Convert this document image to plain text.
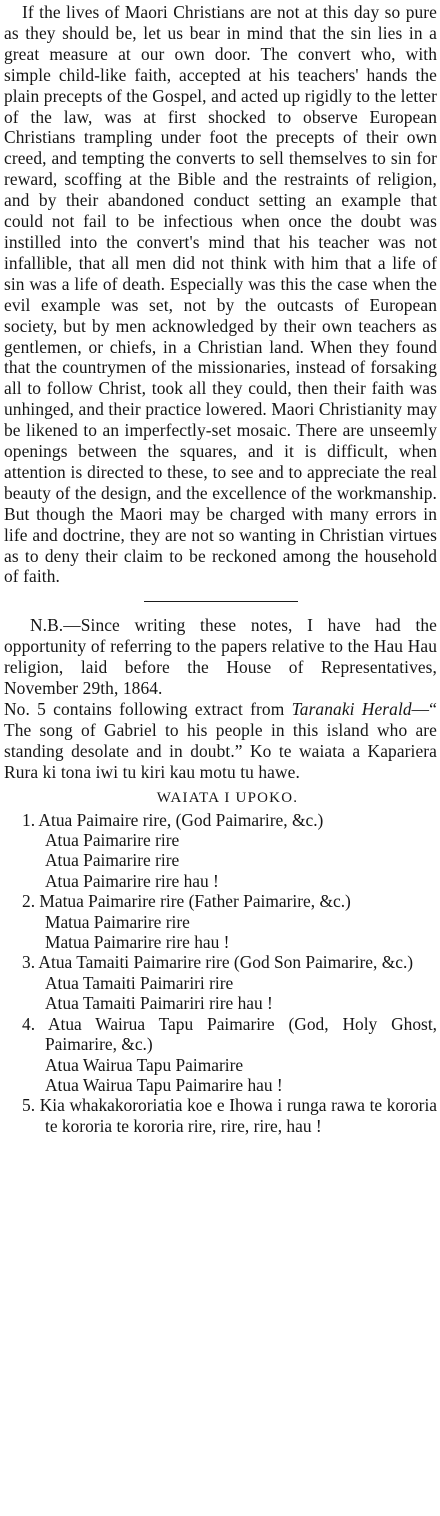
If the lives of Maori Christians are not at this day so pure as they should be, let us bear in mind that the sin lies in a great measure at our own door. The convert who, with simple child-like faith, accepted at his teachers' hands the plain precepts of the Gospel, and acted up rigidly to the letter of the law, was at first shocked to observe European Christians trampling under foot the precepts of their own creed, and tempting the converts to sell themselves to sin for reward, scoffing at the Bible and the restraints of religion, and by their abandoned conduct setting an example that could not fail to be infectious when once the doubt was instilled into the convert's mind that his teacher was not infallible, that all men did not think with him that a life of sin was a life of death. Especially was this the case when the evil example was set, not by the outcasts of European society, but by men acknowledged by their own teachers as gentlemen, or chiefs, in a Christian land. When they found that the countrymen of the missionaries, instead of forsaking all to follow Christ, took all they could, then their faith was unhinged, and their practice lowered. Maori Christianity may be likened to an imperfectly-set mosaic. There are unseemly openings between the squares, and it is difficult, when attention is directed to these, to see and to appreciate the real beauty of the design, and the excellence of the workmanship. But though the Maori may be charged with many errors in life and doctrine, they are not so wanting in Christian virtues as to deny their claim to be reckoned among the household of faith.

N.B.—Since writing these notes, I have had the opportunity of referring to the papers relative to the Hau Hau religion, laid before the House of Representatives, November 29th, 1864.

No. 5 contains following extract from Taranaki Herald—“ The song of Gabriel to his people in this island who are standing desolate and in doubt.” Ko te waiata a Kapariera Rura ki tona iwi tu kiri kau motu tu hawe.

WAIATA I UPOKO.
1. Atua Paimaire rire, (God Paimarire, &c.)
Atua Paimarire rire
Atua Paimarire rire
Atua Paimarire rire hau !
2. Matua Paimarire rire (Father Paimarire, &c.)
Matua Paimarire rire
Matua Paimarire rire hau !
3. Atua Tamaiti Paimarire rire (God Son Paimarire, &c.)
Atua Tamaiti Paimariri rire
Atua Tamaiti Paimariri rire hau !
4. Atua Wairua Tapu Paimarire (God, Holy Ghost, Paimarire, &c.)
Atua Wairua Tapu Paimarire
Atua Wairua Tapu Paimarire hau !
5. Kia whakakororiatia koe e Ihowa i runga rawa te kororia te kororia te kororia rire, rire, rire, hau !
